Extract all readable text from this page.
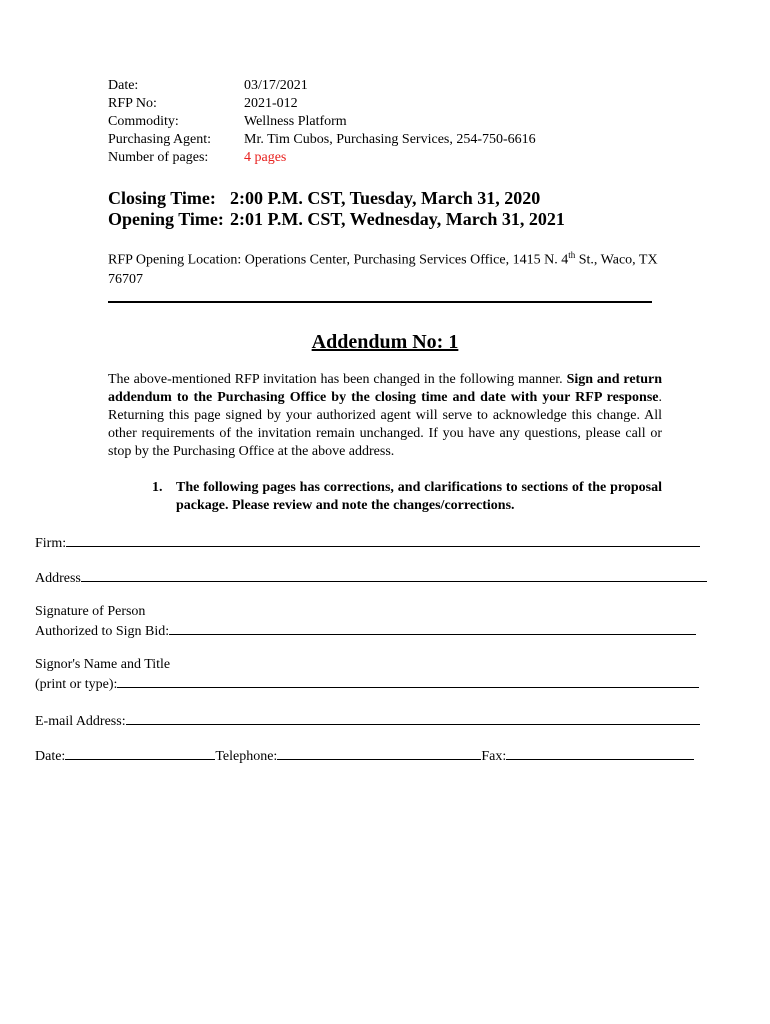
Date:	03/17/2021
RFP No:	2021-012
Commodity:	Wellness Platform
Purchasing Agent:	Mr. Tim Cubos, Purchasing Services, 254-750-6616
Number of pages:	4 pages
Closing Time: 2:00 P.M. CST, Tuesday, March 31, 2020
Opening Time: 2:01 P.M. CST, Wednesday, March 31, 2021
RFP Opening Location: Operations Center, Purchasing Services Office, 1415 N. 4th St., Waco, TX 76707
Addendum No: 1
The above-mentioned RFP invitation has been changed in the following manner. Sign and return addendum to the Purchasing Office by the closing time and date with your RFP response. Returning this page signed by your authorized agent will serve to acknowledge this change. All other requirements of the invitation remain unchanged. If you have any questions, please call or stop by the Purchasing Office at the above address.
1. The following pages has corrections, and clarifications to sections of the proposal package. Please review and note the changes/corrections.
Firm:
Address
Signature of Person
Authorized to Sign Bid:
Signor's Name and Title
(print or type):
E-mail Address:
Date:	Telephone:	Fax:
